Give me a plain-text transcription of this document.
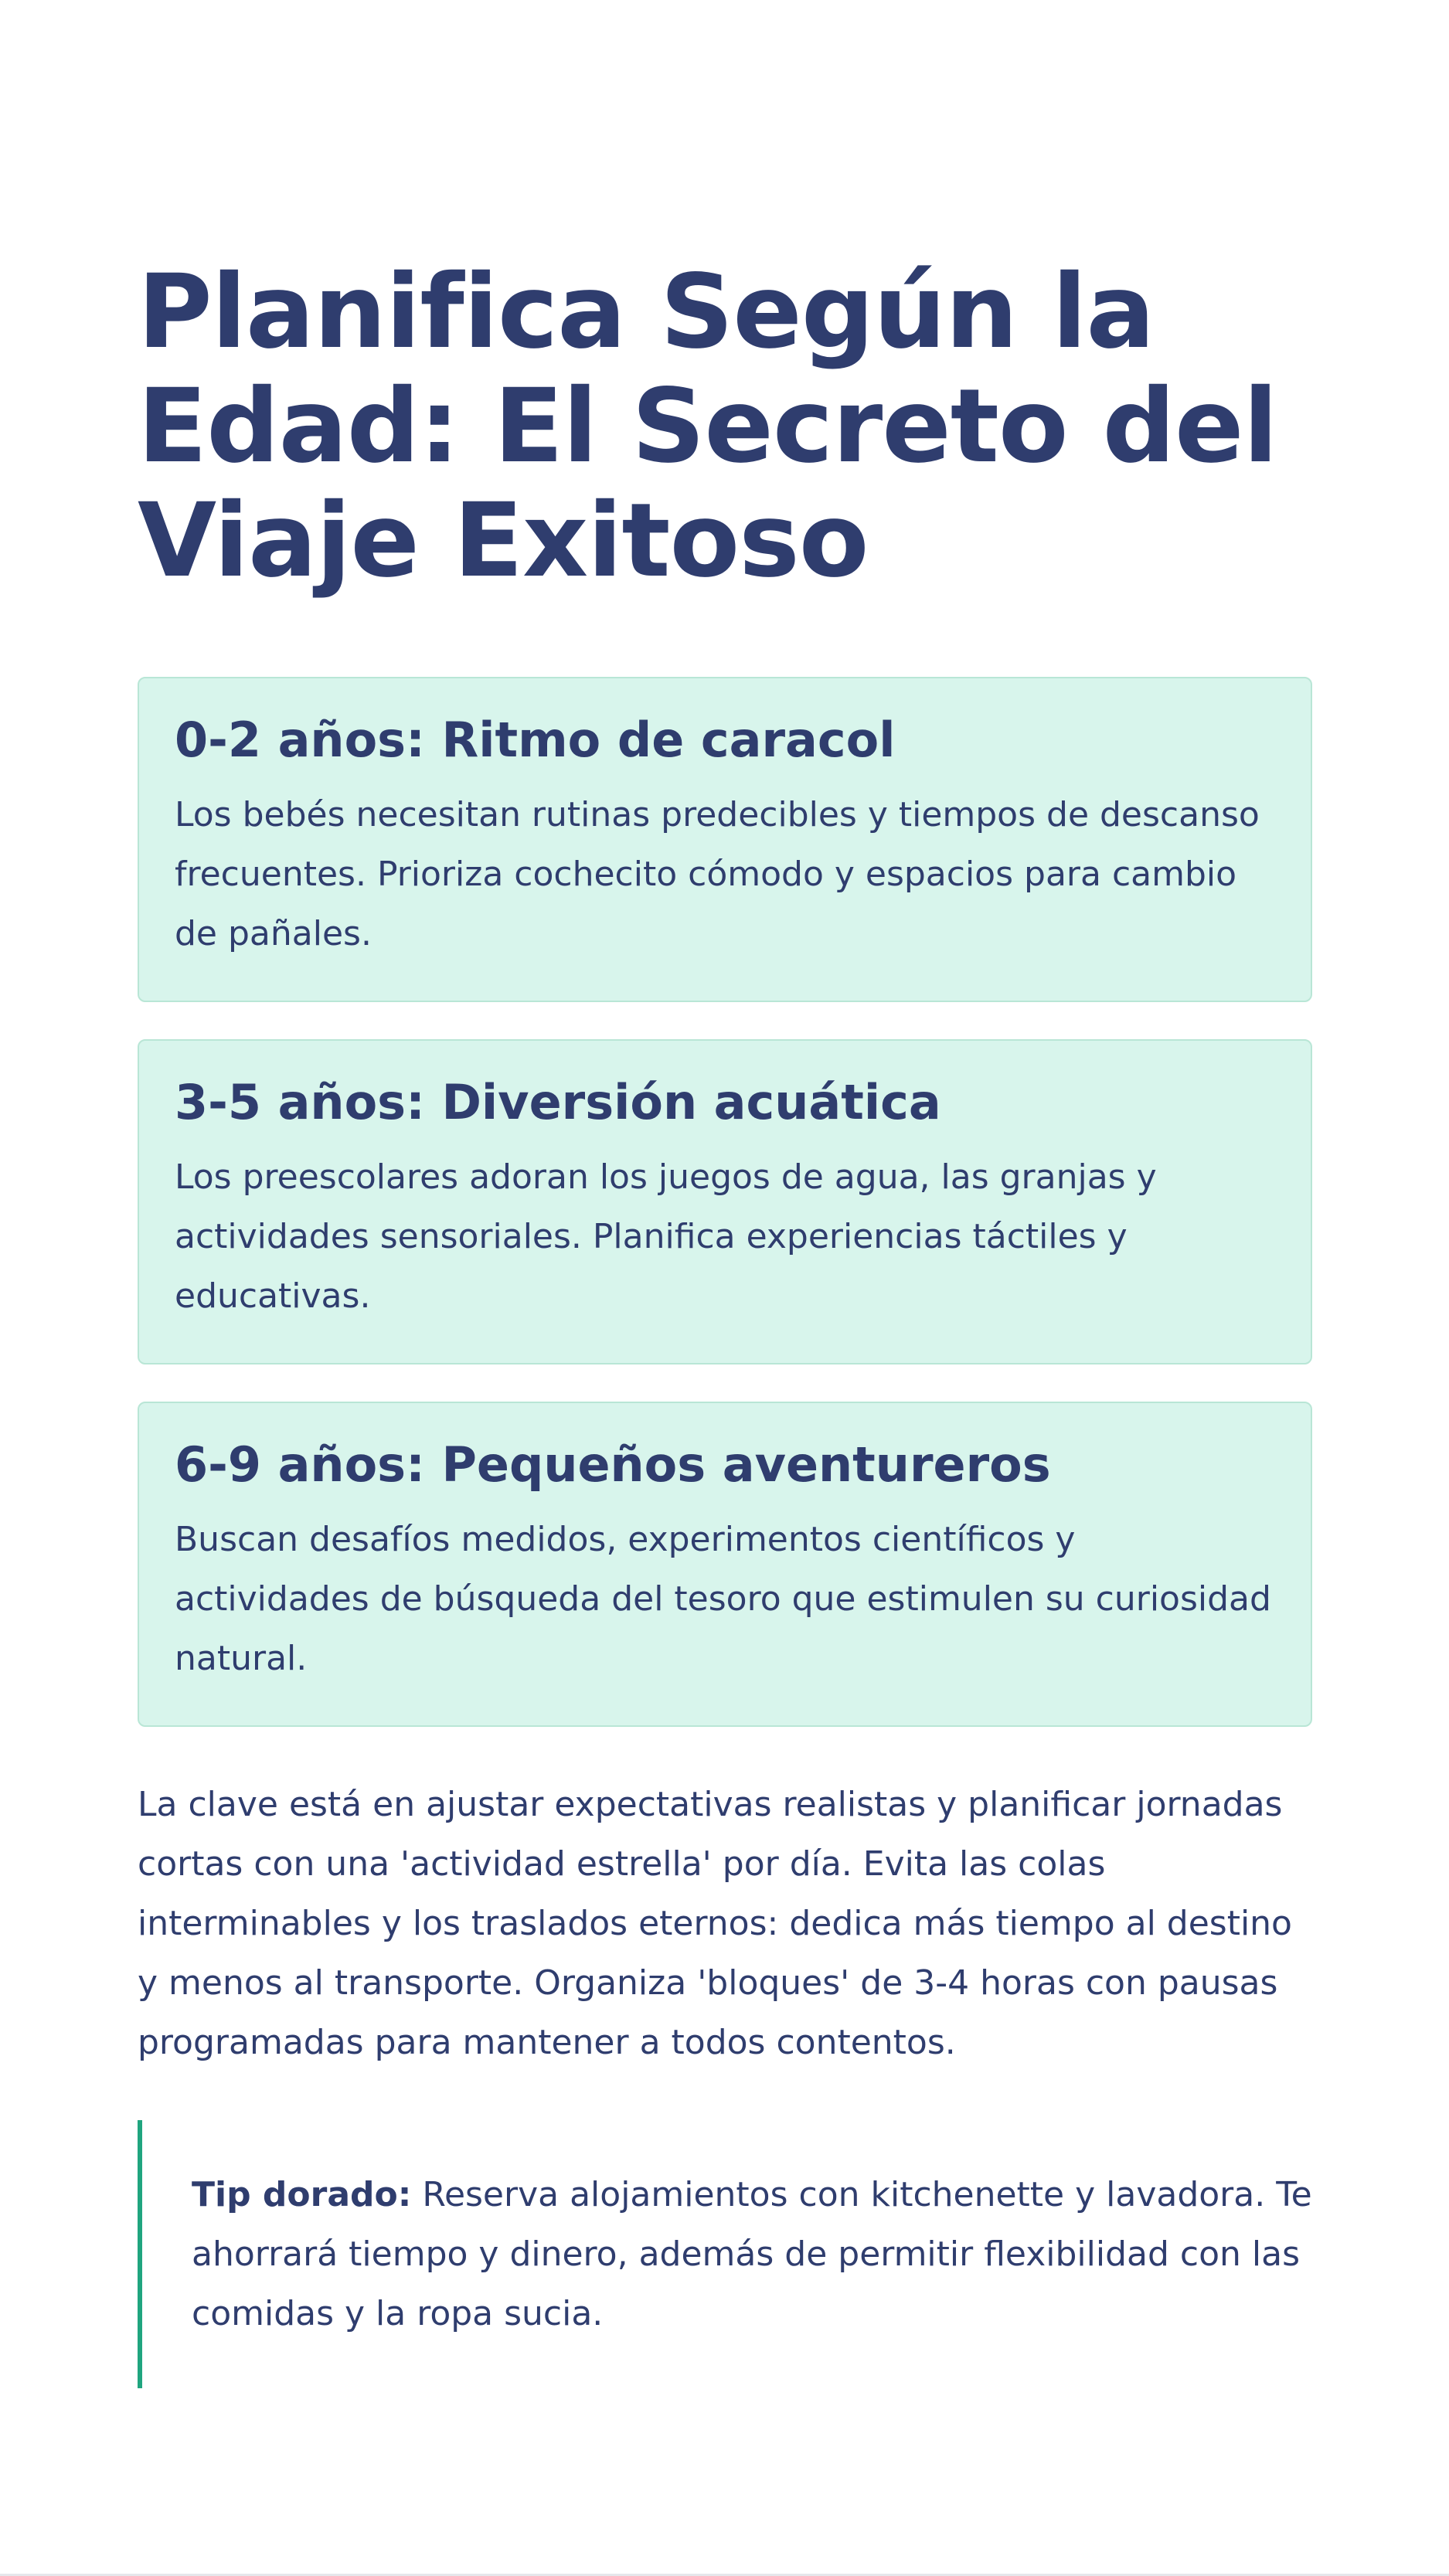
Planifica Según la Edad: El Secreto del Viaje Exitoso
0-2 años: Ritmo de caracol

Los bebés necesitan rutinas predecibles y tiempos de descanso frecuentes. Prioriza cochecito cómodo y espacios para cambio de pañales.

3-5 años: Diversión acuática

Los preescolares adoran los juegos de agua, las granjas y actividades sensoriales. Planifica experiencias táctiles y educativas.

6-9 años: Pequeños aventureros

Buscan desafíos medidos, experimentos científicos y actividades de búsqueda del tesoro que estimulen su curiosidad natural.

La clave está en ajustar expectativas realistas y planificar jornadas cortas con una 'actividad estrella' por día. Evita las colas interminables y los traslados eternos: dedica más tiempo al destino y menos al transporte. Organiza 'bloques' de 3-4 horas con pausas programadas para mantener a todos contentos.

Tip dorado: Reserva alojamientos con kitchenette y lavadora. Te ahorrará tiempo y dinero, además de permitir flexibilidad con las comidas y la ropa sucia.
